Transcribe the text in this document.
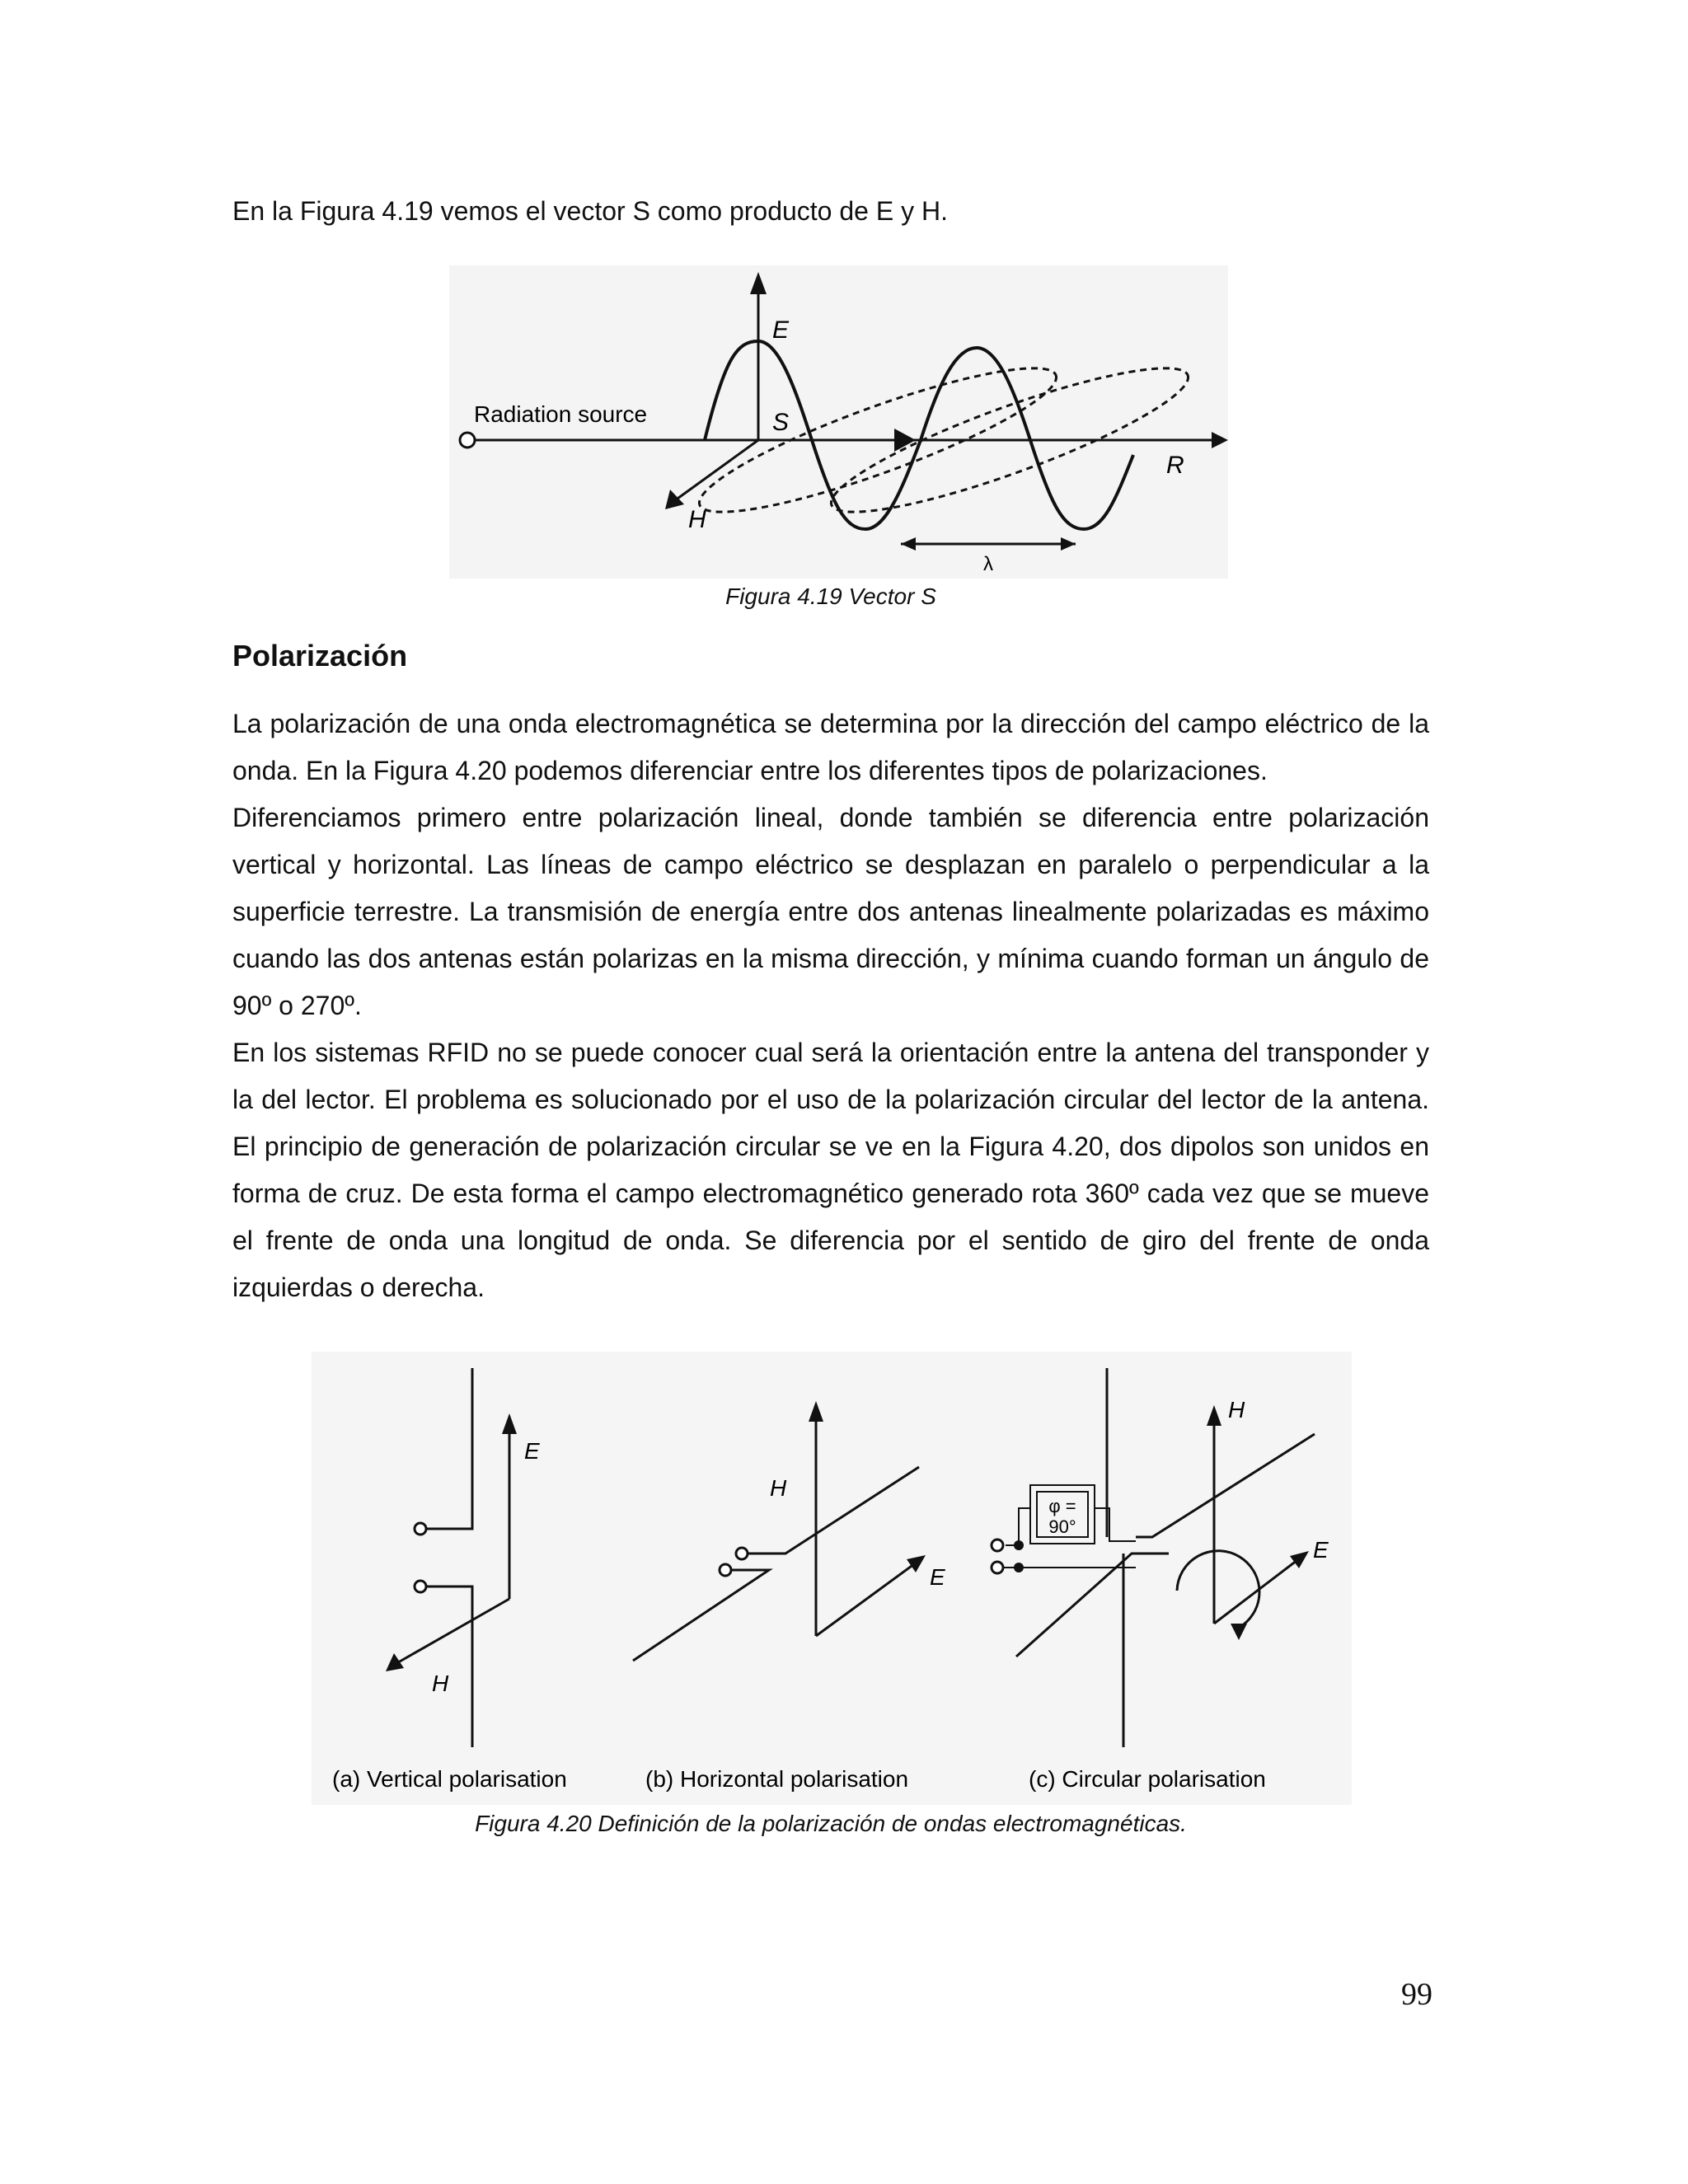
En la Figura 4.19 vemos el vector S como producto de E y H.
E
Radiation source	S
R
H
λ
Figura 4.19 Vector S
Polarización

La polarización de una onda electromagnética se determina por la dirección del campo eléctrico de la onda. En la Figura 4.20 podemos diferenciar entre los diferentes tipos de polarizaciones.

Diferenciamos primero entre polarización lineal, donde también se diferencia entre polarización vertical y horizontal. Las líneas de campo eléctrico se desplazan en paralelo o perpendicular a la superficie terrestre. La transmisión de energía entre dos antenas linealmente polarizadas es máximo cuando las dos antenas están polarizas en la misma dirección, y mínima cuando forman un ángulo de 90º o 270º.

En los sistemas RFID no se puede conocer cual será la orientación entre la antena del transponder y la del lector. El problema es solucionado por el uso de la polarización circular del lector de la antena. El principio de generación de polarización circular se ve en la Figura 4.20, dos dipolos son unidos en forma de cruz. De esta forma el campo electromagnético generado rota 360º cada vez que se mueve el frente de onda una longitud de onda. Se diferencia por el sentido de giro del frente de onda izquierdas o derecha.

E
H
H
E
φ =
90°
H
E
(a) Vertical polarisation	(b) Horizontal polarisation	(c) Circular polarisation
Figura 4.20 Definición de la polarización de ondas electromagnéticas.
99
